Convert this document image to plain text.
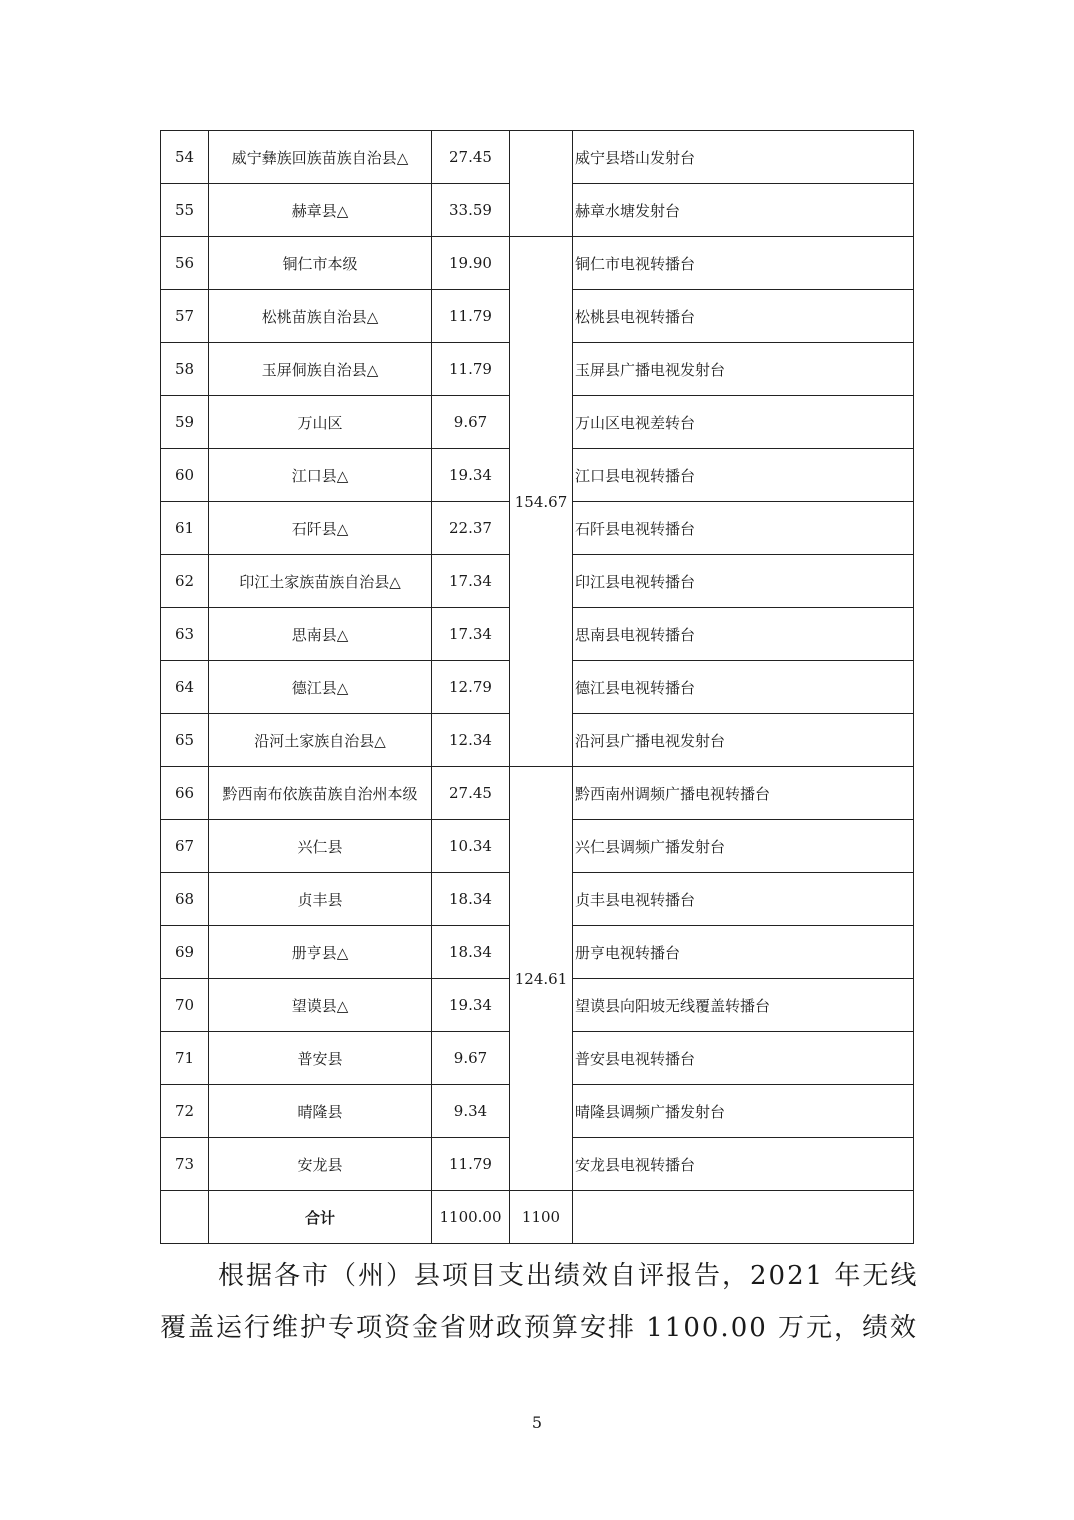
54	威宁彝族回族苗族自治县△	27.45		威宁县塔山发射台
55	赫章县△	33.59		赫章水塘发射台
56	铜仁市本级	19.90	154.67	铜仁市电视转播台
57	松桃苗族自治县△	11.79		松桃县电视转播台
58	玉屏侗族自治县△	11.79		玉屏县广播电视发射台
59	万山区	9.67		万山区电视差转台
60	江口县△	19.34		江口县电视转播台
61	石阡县△	22.37		石阡县电视转播台
62	印江土家族苗族自治县△	17.34		印江县电视转播台
63	思南县△	17.34		思南县电视转播台
64	德江县△	12.79		德江县电视转播台
65	沿河土家族自治县△	12.34		沿河县广播电视发射台
66	黔西南布依族苗族自治州本级	27.45	124.61	黔西南州调频广播电视转播台
67	兴仁县	10.34		兴仁县调频广播发射台
68	贞丰县	18.34		贞丰县电视转播台
69	册亨县△	18.34		册亨电视转播台
70	望谟县△	19.34		望谟县向阳坡无线覆盖转播台
71	普安县	9.67		普安县电视转播台
72	晴隆县	9.34		晴隆县调频广播发射台
73	安龙县	11.79		安龙县电视转播台
	合计	1100.00	1100	
根据各市（州）县项目支出绩效自评报告，2021 年无线
覆盖运行维护专项资金省财政预算安排 1100.00 万元，绩效
5
